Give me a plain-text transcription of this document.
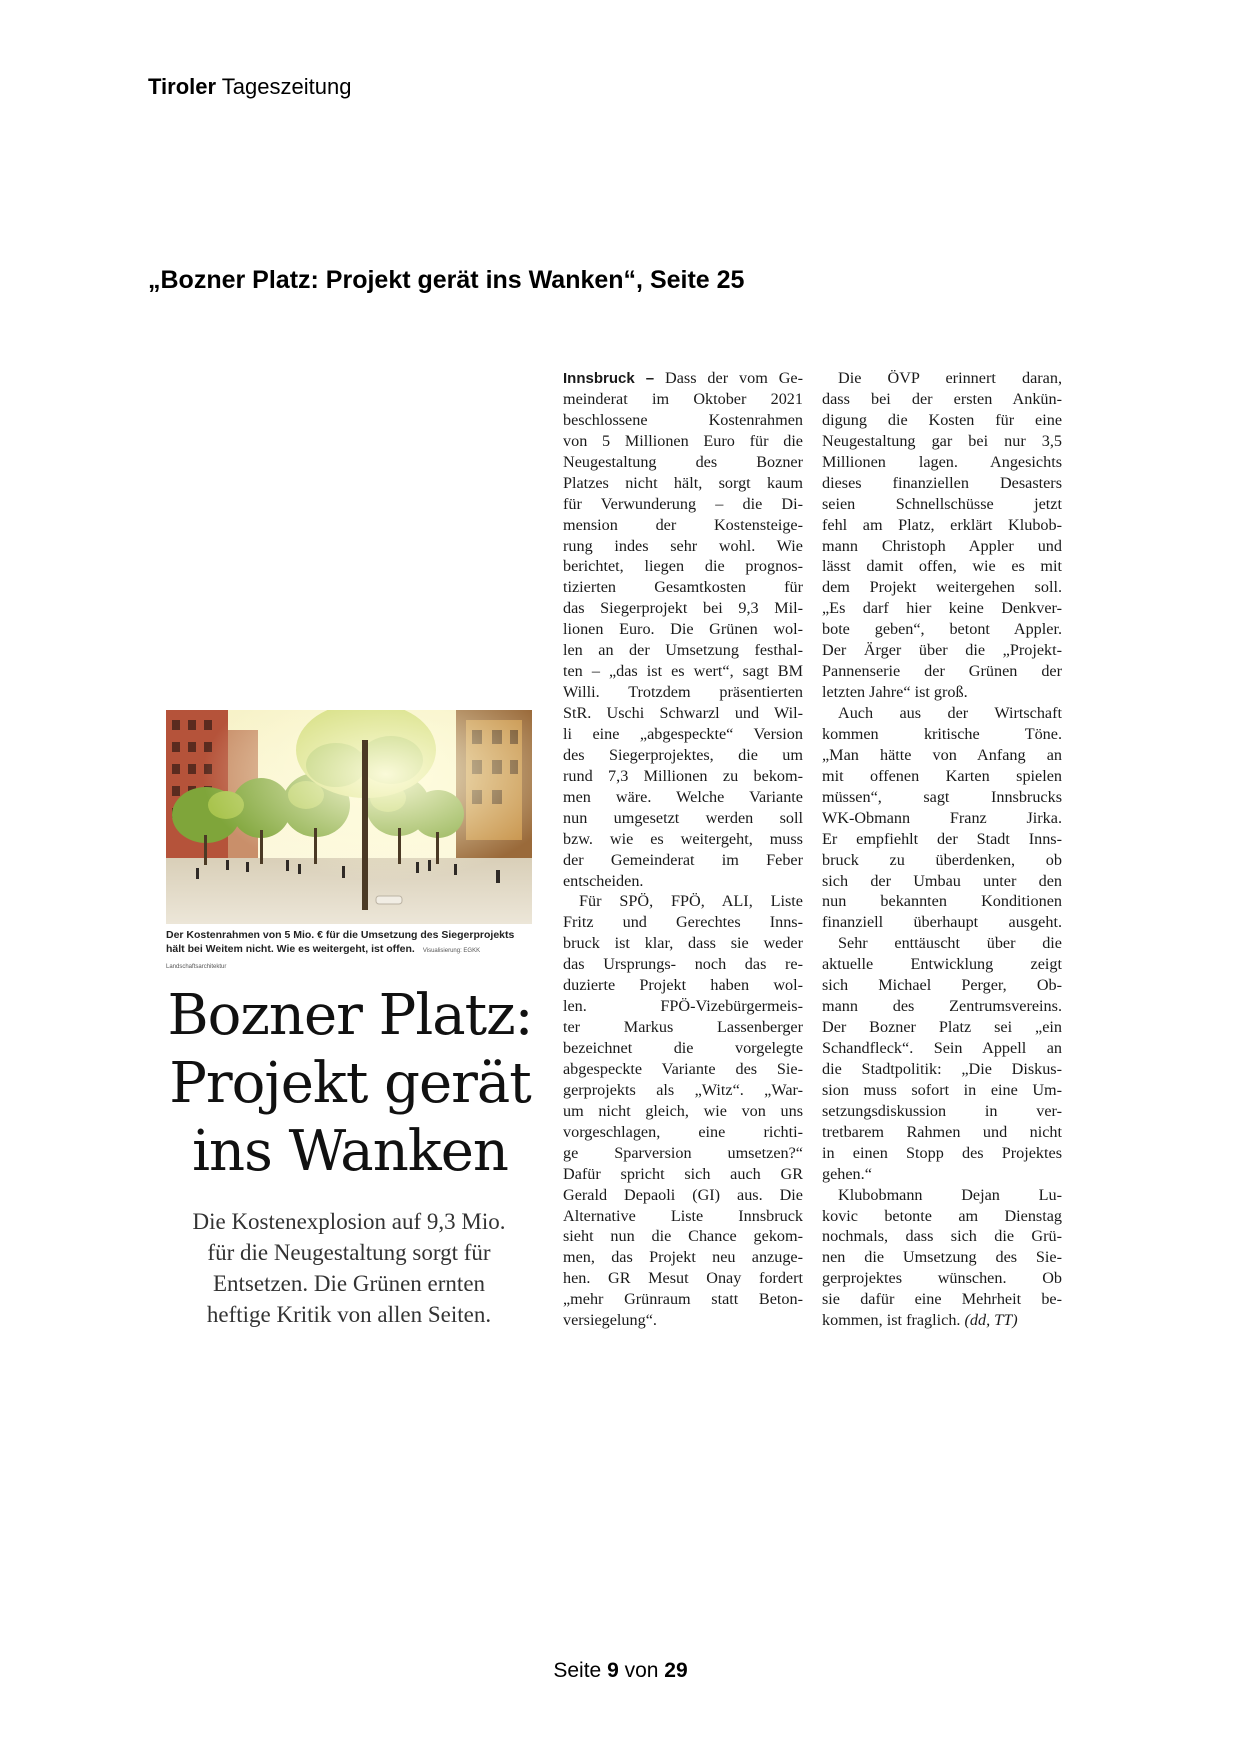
Tiroler Tageszeitung
„Bozner Platz: Projekt gerät ins Wanken“, Seite 25
Der Kostenrahmen von 5 Mio. € für die Umsetzung des Siegerprojekts hält bei Weitem nicht. Wie es weitergeht, ist offen. Visualisierung: EGKK Landschaftsarchitektur
Bozner Platz:
Projekt gerät
ins Wanken
Die Kostenexplosion auf 9,3 Mio.
für die Neugestaltung sorgt für
Entsetzen. Die Grünen ernten
heftige Kritik von allen Seiten.
Innsbruck – Dass der vom Ge-
meinderat im Oktober 2021
beschlossene Kostenrahmen
von 5 Millionen Euro für die
Neugestaltung des Bozner
Platzes nicht hält, sorgt kaum
für Verwunderung – die Di-
mension der Kostensteige-
rung indes sehr wohl. Wie
berichtet, liegen die prognos-
tizierten Gesamtkosten für
das Siegerprojekt bei 9,3 Mil-
lionen Euro. Die Grünen wol-
len an der Umsetzung festhal-
ten – „das ist es wert“, sagt BM
Willi. Trotzdem präsentierten
StR. Uschi Schwarzl und Wil-
li eine „abgespeckte“ Version
des Siegerprojektes, die um
rund 7,3 Millionen zu bekom-
men wäre. Welche Variante
nun umgesetzt werden soll
bzw. wie es weitergeht, muss
der Gemeinderat im Feber
entscheiden.
Für SPÖ, FPÖ, ALI, Liste
Fritz und Gerechtes Inns-
bruck ist klar, dass sie weder
das Ursprungs- noch das re-
duzierte Projekt haben wol-
len. FPÖ-Vizebürgermeis-
ter Markus Lassenberger
bezeichnet die vorgelegte
abgespeckte Variante des Sie-
gerprojekts als „Witz“. „War-
um nicht gleich, wie von uns
vorgeschlagen, eine richti-
ge Sparversion umsetzen?“
Dafür spricht sich auch GR
Gerald Depaoli (GI) aus. Die
Alternative Liste Innsbruck
sieht nun die Chance gekom-
men, das Projekt neu anzuge-
hen. GR Mesut Onay fordert
„mehr Grünraum statt Beton-
versiegelung“.
Die ÖVP erinnert daran,
dass bei der ersten Ankün-
digung die Kosten für eine
Neugestaltung gar bei nur 3,5
Millionen lagen. Angesichts
dieses finanziellen Desasters
seien Schnellschüsse jetzt
fehl am Platz, erklärt Klubob-
mann Christoph Appler und
lässt damit offen, wie es mit
dem Projekt weitergehen soll.
„Es darf hier keine Denkver-
bote geben“, betont Appler.
Der Ärger über die „Projekt-
Pannenserie der Grünen der
letzten Jahre“ ist groß.
Auch aus der Wirtschaft
kommen kritische Töne.
„Man hätte von Anfang an
mit offenen Karten spielen
müssen“, sagt Innsbrucks
WK-Obmann Franz Jirka.
Er empfiehlt der Stadt Inns-
bruck zu überdenken, ob
sich der Umbau unter den
nun bekannten Konditionen
finanziell überhaupt ausgeht.
Sehr enttäuscht über die
aktuelle Entwicklung zeigt
sich Michael Perger, Ob-
mann des Zentrumsvereins.
Der Bozner Platz sei „ein
Schandfleck“. Sein Appell an
die Stadtpolitik: „Die Diskus-
sion muss sofort in eine Um-
setzungsdiskussion in ver-
tretbarem Rahmen und nicht
in einen Stopp des Projektes
gehen.“
Klubobmann Dejan Lu-
kovic betonte am Dienstag
nochmals, dass sich die Grü-
nen die Umsetzung des Sie-
gerprojektes wünschen. Ob
sie dafür eine Mehrheit be-
kommen, ist fraglich. (dd, TT)
Seite 9 von 29
